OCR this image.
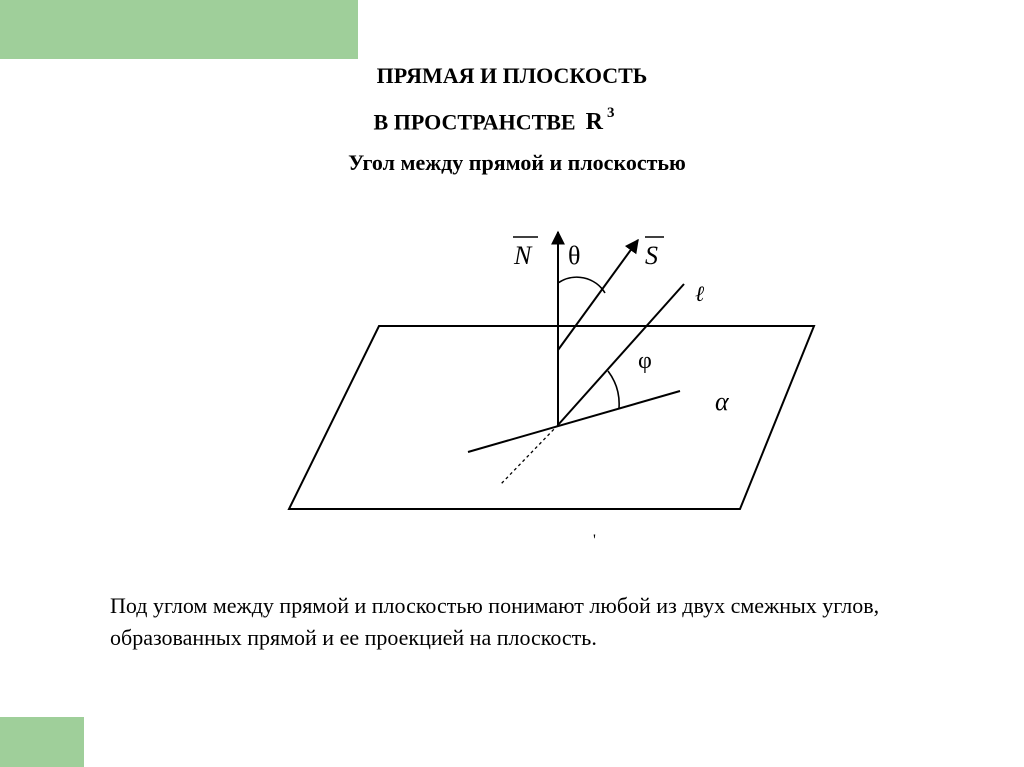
ПРЯМАЯ И ПЛОСКОСТЬ
В ПРОСТРАНСТВЕ R $^3$
Угол между прямой и плоскостью
N θ S
ℓ
φ
α
'
Под углом между прямой и плоскостью понимают любой из двух смежных углов, образованных прямой и ее проекцией на плоскость.
